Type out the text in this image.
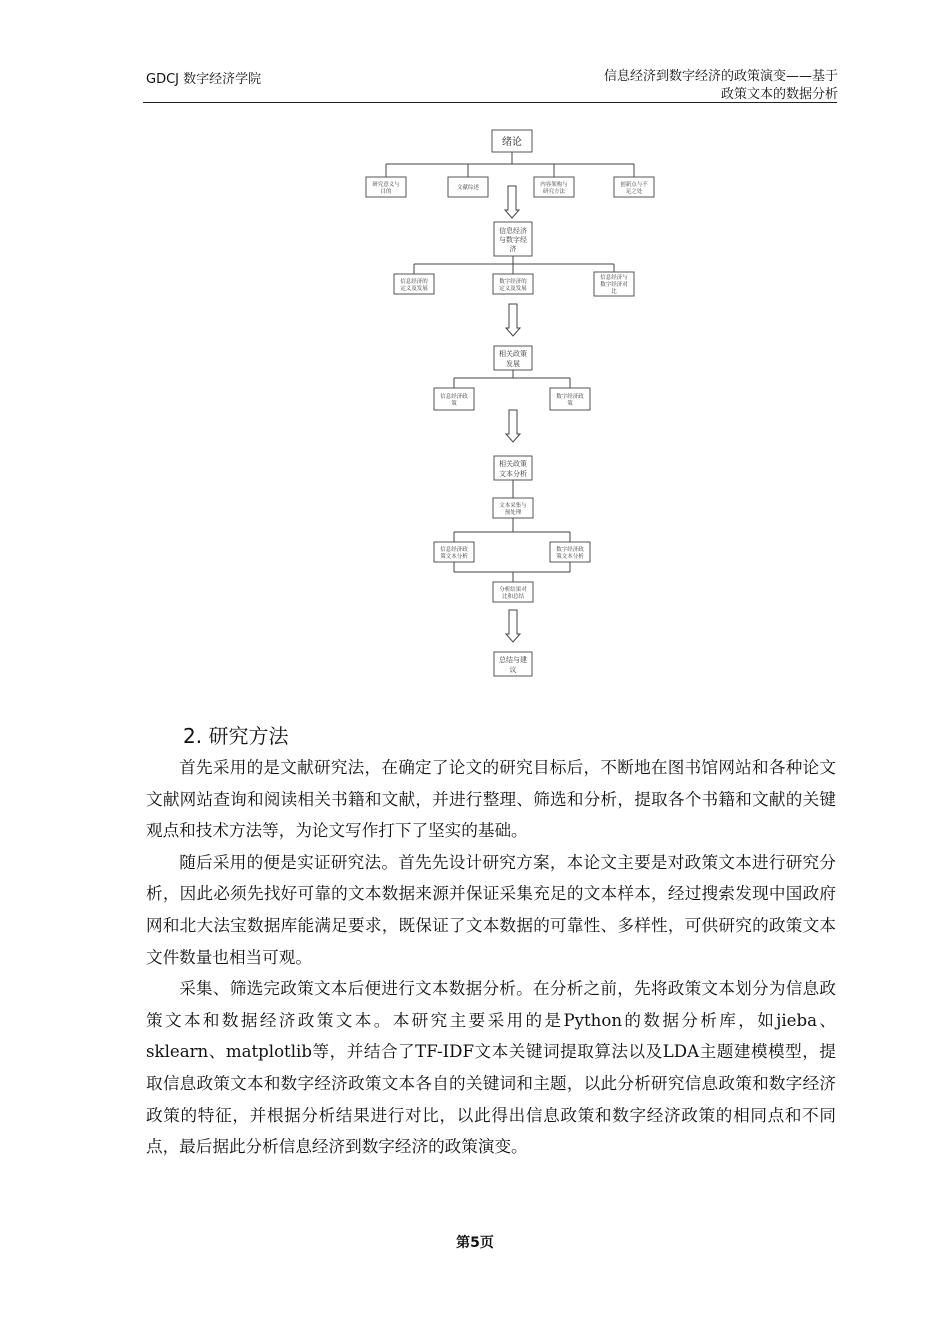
GDCJ 数字经济学院	信息经济到数字经济的政策演变——基于
政策文本的数据分析
绪论
研究意义与
目的
文献综述	内容架构与
研究方法
创新点与不
足之处
信息经济
与数字经
济
信息经济的
定义及发展
数字经济的
定义及发展
信息经济与
数字经济对
比
相关政策
发展
信息经济政
策
数字经济政
策
相关政策
文本分析
文本采集与
预处理
信息经济政
策文本分析
数字经济政
策文本分析
分析结果对
比和总结
总结与建
议
2. 研究方法

首先采用的是文献研究法，在确定了论文的研究目标后，不断地在图书馆网站和各种论文文献网站查询和阅读相关书籍和文献，并进行整理、筛选和分析，提取各个书籍和文献的关键观点和技术方法等，为论文写作打下了坚实的基础。

随后采用的便是实证研究法。首先先设计研究方案，本论文主要是对政策文本进行研究分析，因此必须先找好可靠的文本数据来源并保证采集充足的文本样本，经过搜索发现中国政府网和北大法宝数据库能满足要求，既保证了文本数据的可靠性、多样性，可供研究的政策文本文件数量也相当可观。

采集、筛选完政策文本后便进行文本数据分析。在分析之前，先将政策文本划分为信息政策文本和数据经济政策文本。本研究主要采用的是Python的数据分析库，如jieba、sklearn、matplotlib等，并结合了TF-IDF文本关键词提取算法以及LDA主题建模模型，提取信息政策文本和数字经济政策文本各自的关键词和主题，以此分析研究信息政策和数字经济政策的特征，并根据分析结果进行对比，以此得出信息政策和数字经济政策的相同点和不同点，最后据此分析信息经济到数字经济的政策演变。

第5页
